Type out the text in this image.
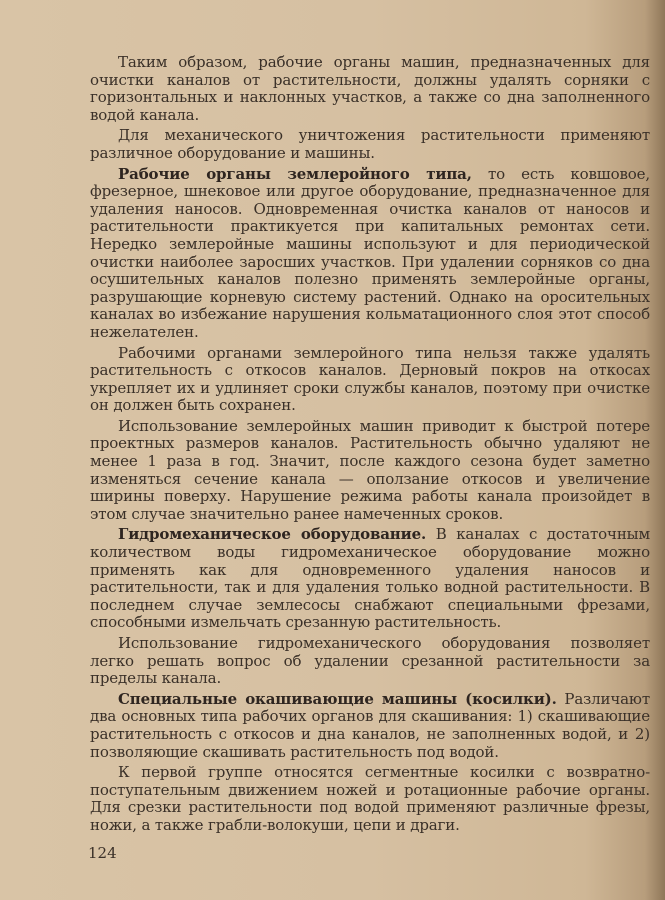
Таким образом, рабочие органы машин, предназначенных для очистки каналов от растительности, должны удалять сорняки с горизонтальных и наклонных участков, а также со дна заполненного водой канала.

Для механического уничтожения растительности применяют различное оборудование и машины.

Рабочие органы землеройного типа, то есть ковшовое, фрезерное, шнековое или другое оборудование, предназначенное для удаления наносов. Одновременная очистка каналов от наносов и растительности практикуется при капитальных ремонтах сети. Нередко землеройные машины используют и для периодической очистки наиболее заросших участков. При удалении сорняков со дна осушительных каналов полезно применять землеройные органы, разрушающие корневую систему растений. Однако на оросительных каналах во избежание нарушения кольматационного слоя этот способ нежелателен.

Рабочими органами землеройного типа нельзя также удалять растительность с откосов каналов. Дерновый покров на откосах укрепляет их и удлиняет сроки службы каналов, поэтому при очистке он должен быть сохранен.

Использование землеройных машин приводит к быстрой потере проектных размеров каналов. Растительность обычно удаляют не менее 1 раза в год. Значит, после каждого сезона будет заметно изменяться сечение канала — оползание откосов и увеличение ширины поверху. Нарушение режима работы канала произойдет в этом случае значительно ранее намеченных сроков.

Гидромеханическое оборудование. В каналах с достаточным количеством воды гидромеханическое оборудование можно применять как для одновременного удаления наносов и растительности, так и для удаления только водной растительности. В последнем случае землесосы снабжают специальными фрезами, способными измельчать срезанную растительность.

Использование гидромеханического оборудования позволяет легко решать вопрос об удалении срезанной растительности за пределы канала.

Специальные окашивающие машины (косилки). Различают два основных типа рабочих органов для скашивания: 1) скашивающие растительность с откосов и дна каналов, не заполненных водой, и 2) позволяющие скашивать растительность под водой.

К первой группе относятся сегментные косилки с возвратно-поступательным движением ножей и ротационные рабочие органы. Для срезки растительности под водой применяют различные фрезы, ножи, а также грабли-волокуши, цепи и драги.

124
